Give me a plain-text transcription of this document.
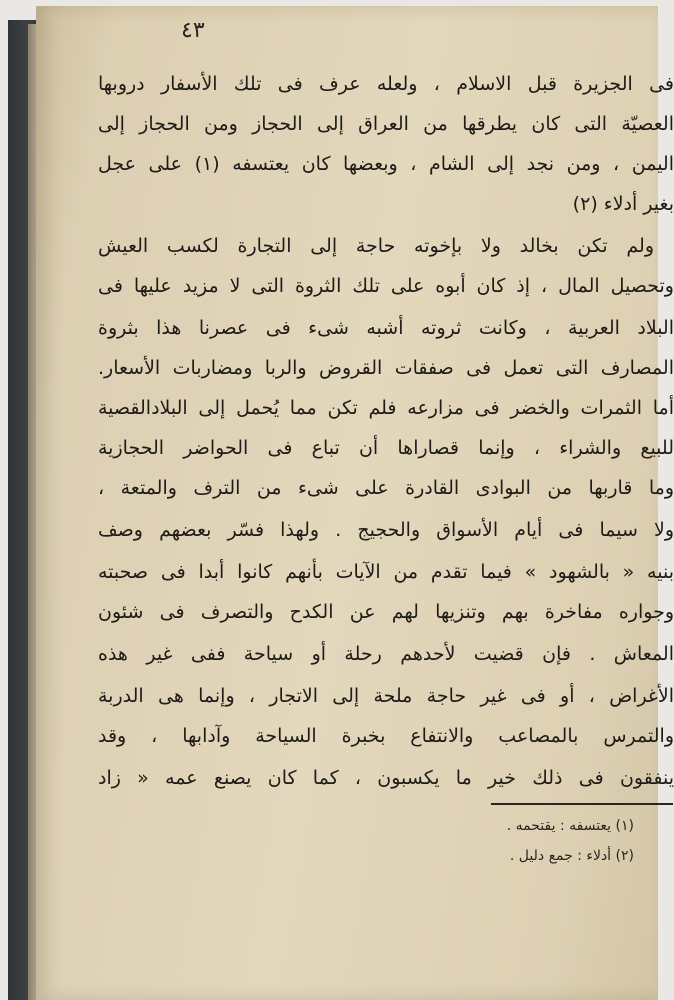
٤٣
فى الجزيرة قبل الاسلام ، ولعله عرف فى تلك الأسفار دروبها
العصيّة التى كان يطرقها من العراق إلى الحجاز ومن الحجاز إلى
اليمن ، ومن نجد إلى الشام ، وبعضها كان يعتسفه (١) على عجل
بغير أدلاء (٢)
ولم تكن بخالد ولا بإخوته حاجة إلى التجارة لكسب العيش
وتحصيل المال ، إذ كان أبوه على تلك الثروة التى لا مزيد عليها فى
البلاد العربية ، وكانت ثروته أشبه شىء فى عصرنا هذا بثروة
المصارف التى تعمل فى صفقات القروض والربا ومضاربات الأسعار.
أما الثمرات والخضر فى مزارعه فلم تكن مما يُحمل إلى البلادالقصية
للبيع والشراء ، وإنما قصاراها أن تباع فى الحواضر الحجازية
وما قاربها من البوادى القادرة على شىء من الترف والمتعة ،
ولا سيما فى أيام الأسواق والحجيج . ولهذا فسّر بعضهم وصف
بنيه « بالشهود » فيما تقدم من الآيات بأنهم كانوا أبدا فى صحبته
وجواره مفاخرة بهم وتنزيها لهم عن الكدح والتصرف فى شئون
المعاش . فإن قضيت لأحدهم رحلة أو سياحة ففى غير هذه
الأغراض ، أو فى غير حاجة ملحة إلى الاتجار ، وإنما هى الدربة
والتمرس بالمصاعب والانتفاع بخبرة السياحة وآدابها ، وقد
ينفقون فى ذلك خير ما يكسبون ، كما كان يصنع عمه « زاد
(١) يعتسفه : يقتحمه .
(٢) أدلاء : جمع دليل .
